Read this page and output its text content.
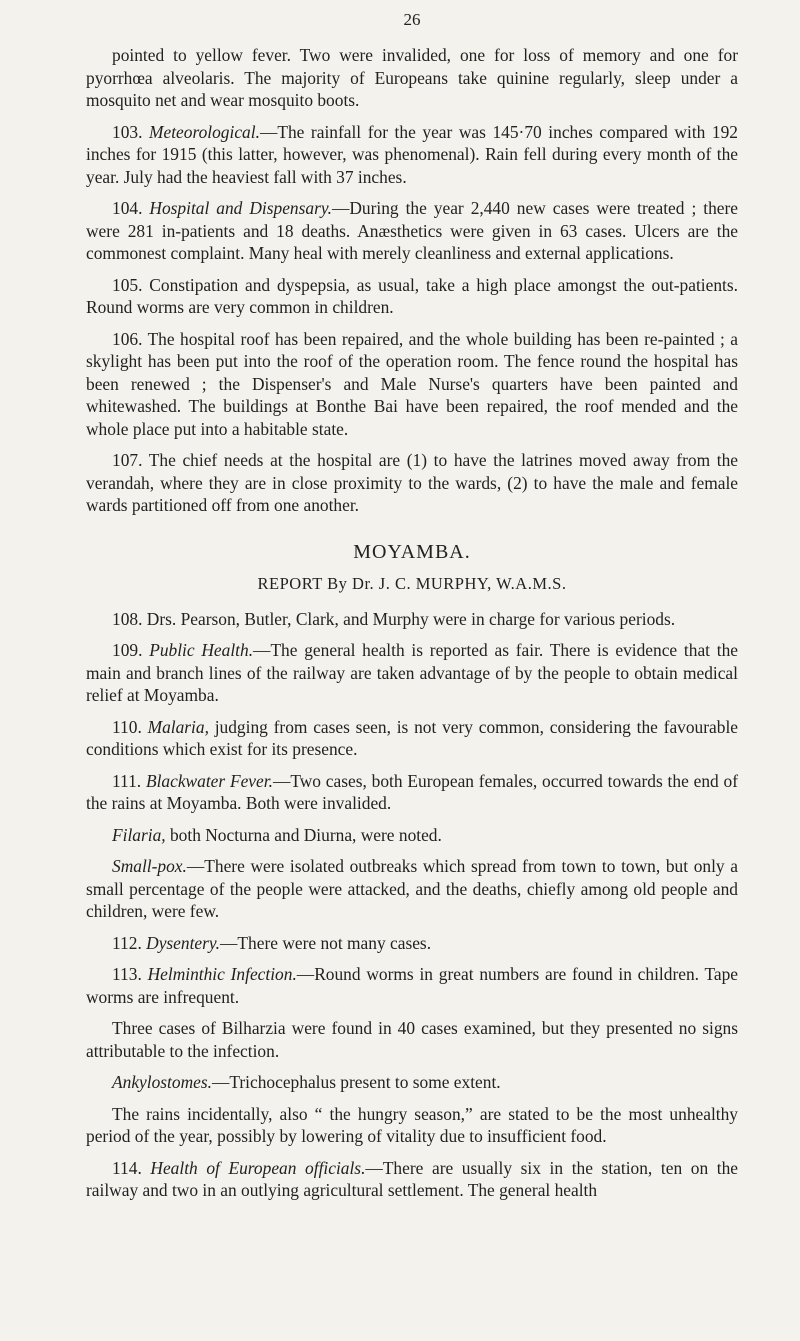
26

pointed to yellow fever. Two were invalided, one for loss of memory and one for pyorrhœa alveolaris. The majority of Europeans take quinine regularly, sleep under a mosquito net and wear mosquito boots.

103. Meteorological.—The rainfall for the year was 145·70 inches compared with 192 inches for 1915 (this latter, however, was phenomenal). Rain fell during every month of the year. July had the heaviest fall with 37 inches.

104. Hospital and Dispensary.—During the year 2,440 new cases were treated ; there were 281 in-patients and 18 deaths. Anæsthetics were given in 63 cases. Ulcers are the commonest complaint. Many heal with merely cleanliness and external applications.

105. Constipation and dyspepsia, as usual, take a high place amongst the out-patients. Round worms are very common in children.

106. The hospital roof has been repaired, and the whole building has been re-painted ; a skylight has been put into the roof of the operation room. The fence round the hospital has been renewed ; the Dispenser's and Male Nurse's quarters have been painted and whitewashed. The buildings at Bonthe Bai have been repaired, the roof mended and the whole place put into a habitable state.

107. The chief needs at the hospital are (1) to have the latrines moved away from the verandah, where they are in close proximity to the wards, (2) to have the male and female wards partitioned off from one another.

MOYAMBA.
REPORT By Dr. J. C. MURPHY, W.A.M.S.

108. Drs. Pearson, Butler, Clark, and Murphy were in charge for various periods.

109. Public Health.—The general health is reported as fair. There is evidence that the main and branch lines of the railway are taken advantage of by the people to obtain medical relief at Moyamba.

110. Malaria, judging from cases seen, is not very common, considering the favourable conditions which exist for its presence.

111. Blackwater Fever.—Two cases, both European females, occurred towards the end of the rains at Moyamba. Both were invalided.

Filaria, both Nocturna and Diurna, were noted.

Small-pox.—There were isolated outbreaks which spread from town to town, but only a small percentage of the people were attacked, and the deaths, chiefly among old people and children, were few.

112. Dysentery.—There were not many cases.

113. Helminthic Infection.—Round worms in great numbers are found in children. Tape worms are infrequent.

Three cases of Bilharzia were found in 40 cases examined, but they presented no signs attributable to the infection.

Ankylostomes.—Trichocephalus present to some extent.

The rains incidentally, also “ the hungry season,” are stated to be the most unhealthy period of the year, possibly by lowering of vitality due to insufficient food.

114. Health of European officials.—There are usually six in the station, ten on the railway and two in an outlying agricultural settlement. The general health
